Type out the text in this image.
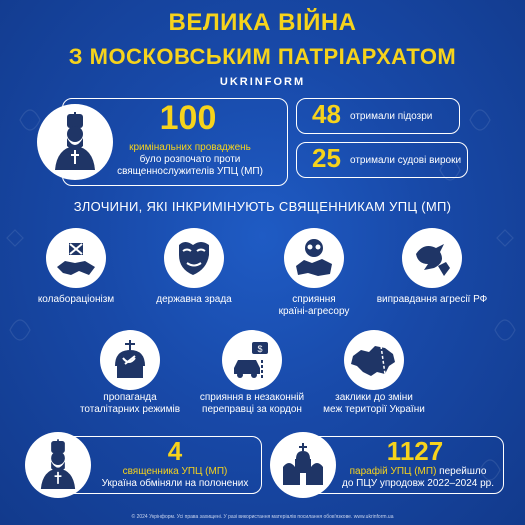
ВЕЛИКА ВІЙНА
З МОСКОВСЬКИМ ПАТРІАРХАТОМ
UKRINFORM
100
кримінальних проваджень
було розпочато проти
священнослужителів УПЦ (МП)
48 отримали підозри
25 отримали судові вироки
ЗЛОЧИНИ, ЯКІ ІНКРИМІНУЮТЬ СВЯЩЕННИКАМ УПЦ (МП)
колабораціонізм	державна зрада	сприяння
країні-агресору
виправдання агресії РФ
пропаганда
тоталітарних режимів
$
сприяння в незаконній
переправці за кордон
заклики до зміни
меж території України
4
священника УПЦ (МП)
Україна обміняли на полонених
1127
парафій УПЦ (МП) перейшло
до ПЦУ упродовж 2022–2024 рр.
© 2024 Укрінформ. Усі права захищені. У разі використання матеріалів посилання обов'язкове. www.ukrinform.ua
